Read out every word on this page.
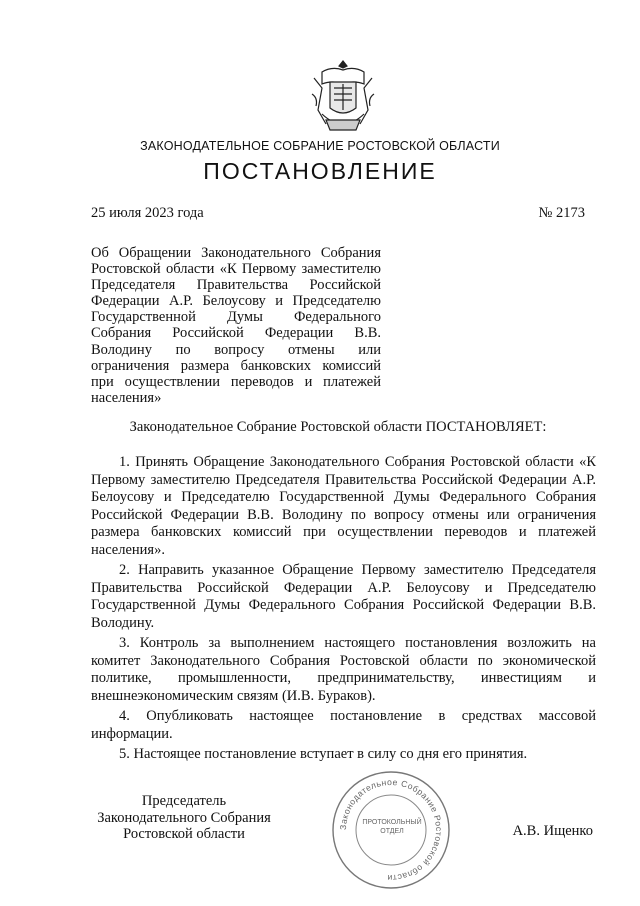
ЗАКОНОДАТЕЛЬНОЕ СОБРАНИЕ РОСТОВСКОЙ ОБЛАСТИ
ПОСТАНОВЛЕНИЕ
25 июля 2023 года	№ 2173
Об Обращении Законодательного Собрания Ростовской области «К Первому заместителю Председателя Правительства Российской Федерации А.Р. Белоусову и Председателю Государственной Думы Федерального Собрания Российской Федерации В.В. Володину по вопросу отмены или ограничения размера банковских комиссий при осуществлении переводов и платежей населения»
Законодательное Собрание Ростовской области ПОСТАНОВЛЯЕТ:

1. Принять Обращение Законодательного Собрания Ростовской области «К Первому заместителю Председателя Правительства Российской Федерации А.Р. Белоусову и Председателю Государственной Думы Федерального Собрания Российской Федерации В.В. Володину по вопросу отмены или ограничения размера банковских комиссий при осуществлении переводов и платежей населения».

2. Направить указанное Обращение Первому заместителю Председателя Правительства Российской Федерации А.Р. Белоусову и Председателю Государственной Думы Федерального Собрания Российской Федерации В.В. Володину.

3. Контроль за выполнением настоящего постановления возложить на комитет Законодательного Собрания Ростовской области по экономической политике, промышленности, предпринимательству, инвестициям и внешнеэкономическим связям (И.В. Бураков).

4. Опубликовать настоящее постановление в средствах массовой информации.

5. Настоящее постановление вступает в силу со дня его принятия.

Председатель
Законодательного Собрания
Ростовской области	А.В. Ищенко
Законодательное Собрание Ростовской области
ПРОТОКОЛЬНЫЙ
ОТДЕЛ
